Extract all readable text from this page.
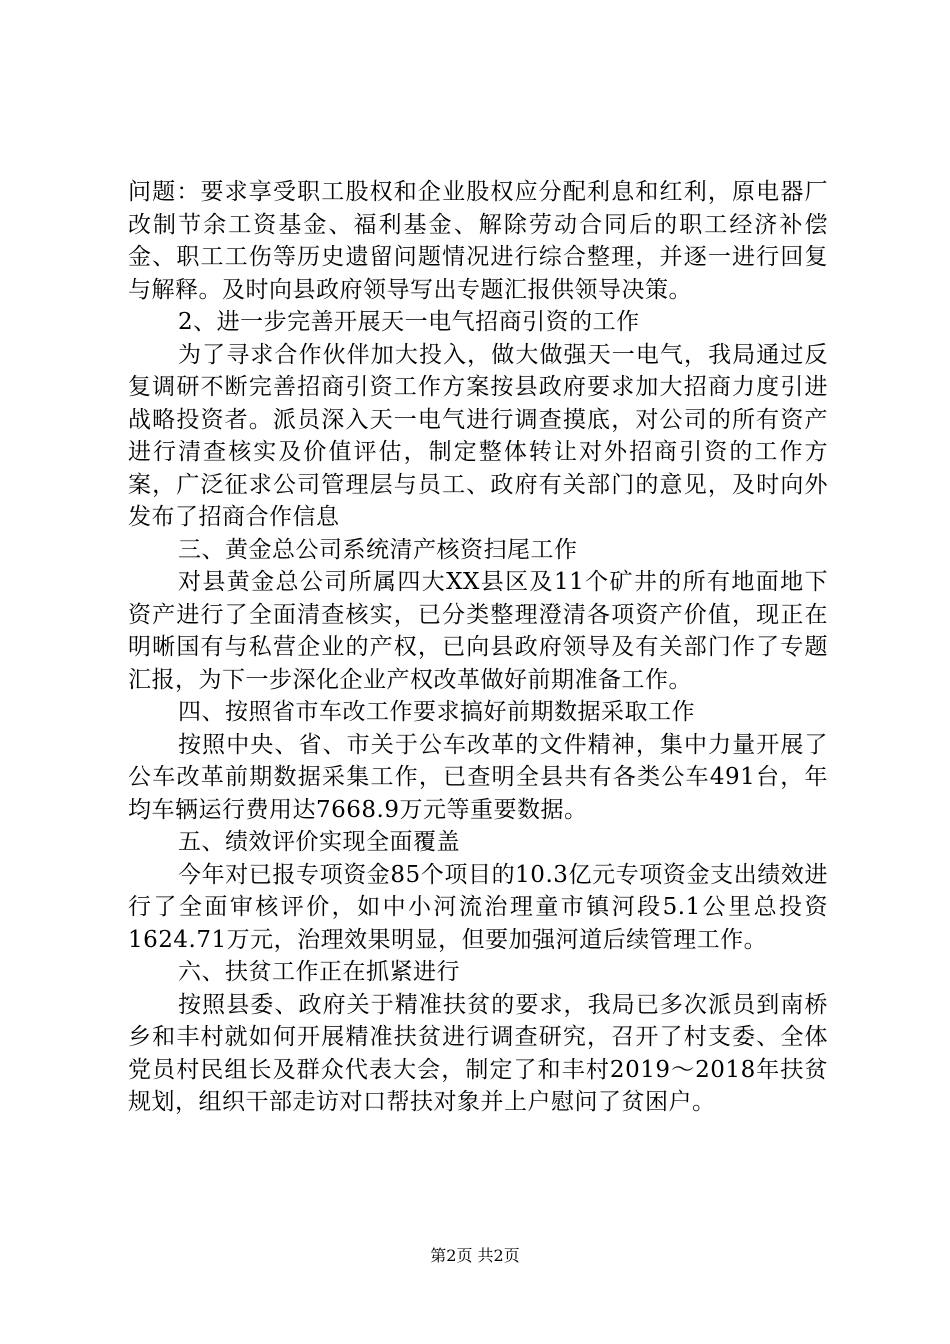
问题：要求享受职工股权和企业股权应分配利息和红利，原电器厂改制节余工资基金、福利基金、解除劳动合同后的职工经济补偿金、职工工伤等历史遗留问题情况进行综合整理，并逐一进行回复与解释。及时向县政府领导写出专题汇报供领导决策。

2、进一步完善开展天一电气招商引资的工作

为了寻求合作伙伴加大投入，做大做强天一电气，我局通过反复调研不断完善招商引资工作方案按县政府要求加大招商力度引进战略投资者。派员深入天一电气进行调查摸底，对公司的所有资产进行清查核实及价值评估，制定整体转让对外招商引资的工作方案，广泛征求公司管理层与员工、政府有关部门的意见，及时向外发布了招商合作信息

三、黄金总公司系统清产核资扫尾工作

对县黄金总公司所属四大XX县区及11个矿井的所有地面地下资产进行了全面清查核实，已分类整理澄清各项资产价值，现正在明晰国有与私营企业的产权，已向县政府领导及有关部门作了专题汇报，为下一步深化企业产权改革做好前期准备工作。

四、按照省市车改工作要求搞好前期数据采取工作

按照中央、省、市关于公车改革的文件精神，集中力量开展了公车改革前期数据采集工作，已查明全县共有各类公车491台，年均车辆运行费用达7668.9万元等重要数据。

五、绩效评价实现全面覆盖

今年对已报专项资金85个项目的10.3亿元专项资金支出绩效进行了全面审核评价，如中小河流治理童市镇河段5.1公里总投资1624.71万元，治理效果明显，但要加强河道后续管理工作。

六、扶贫工作正在抓紧进行

按照县委、政府关于精准扶贫的要求，我局已多次派员到南桥乡和丰村就如何开展精准扶贫进行调查研究，召开了村支委、全体党员村民组长及群众代表大会，制定了和丰村2019～2018年扶贫规划，组织干部走访对口帮扶对象并上户慰问了贫困户。

第2页 共2页
